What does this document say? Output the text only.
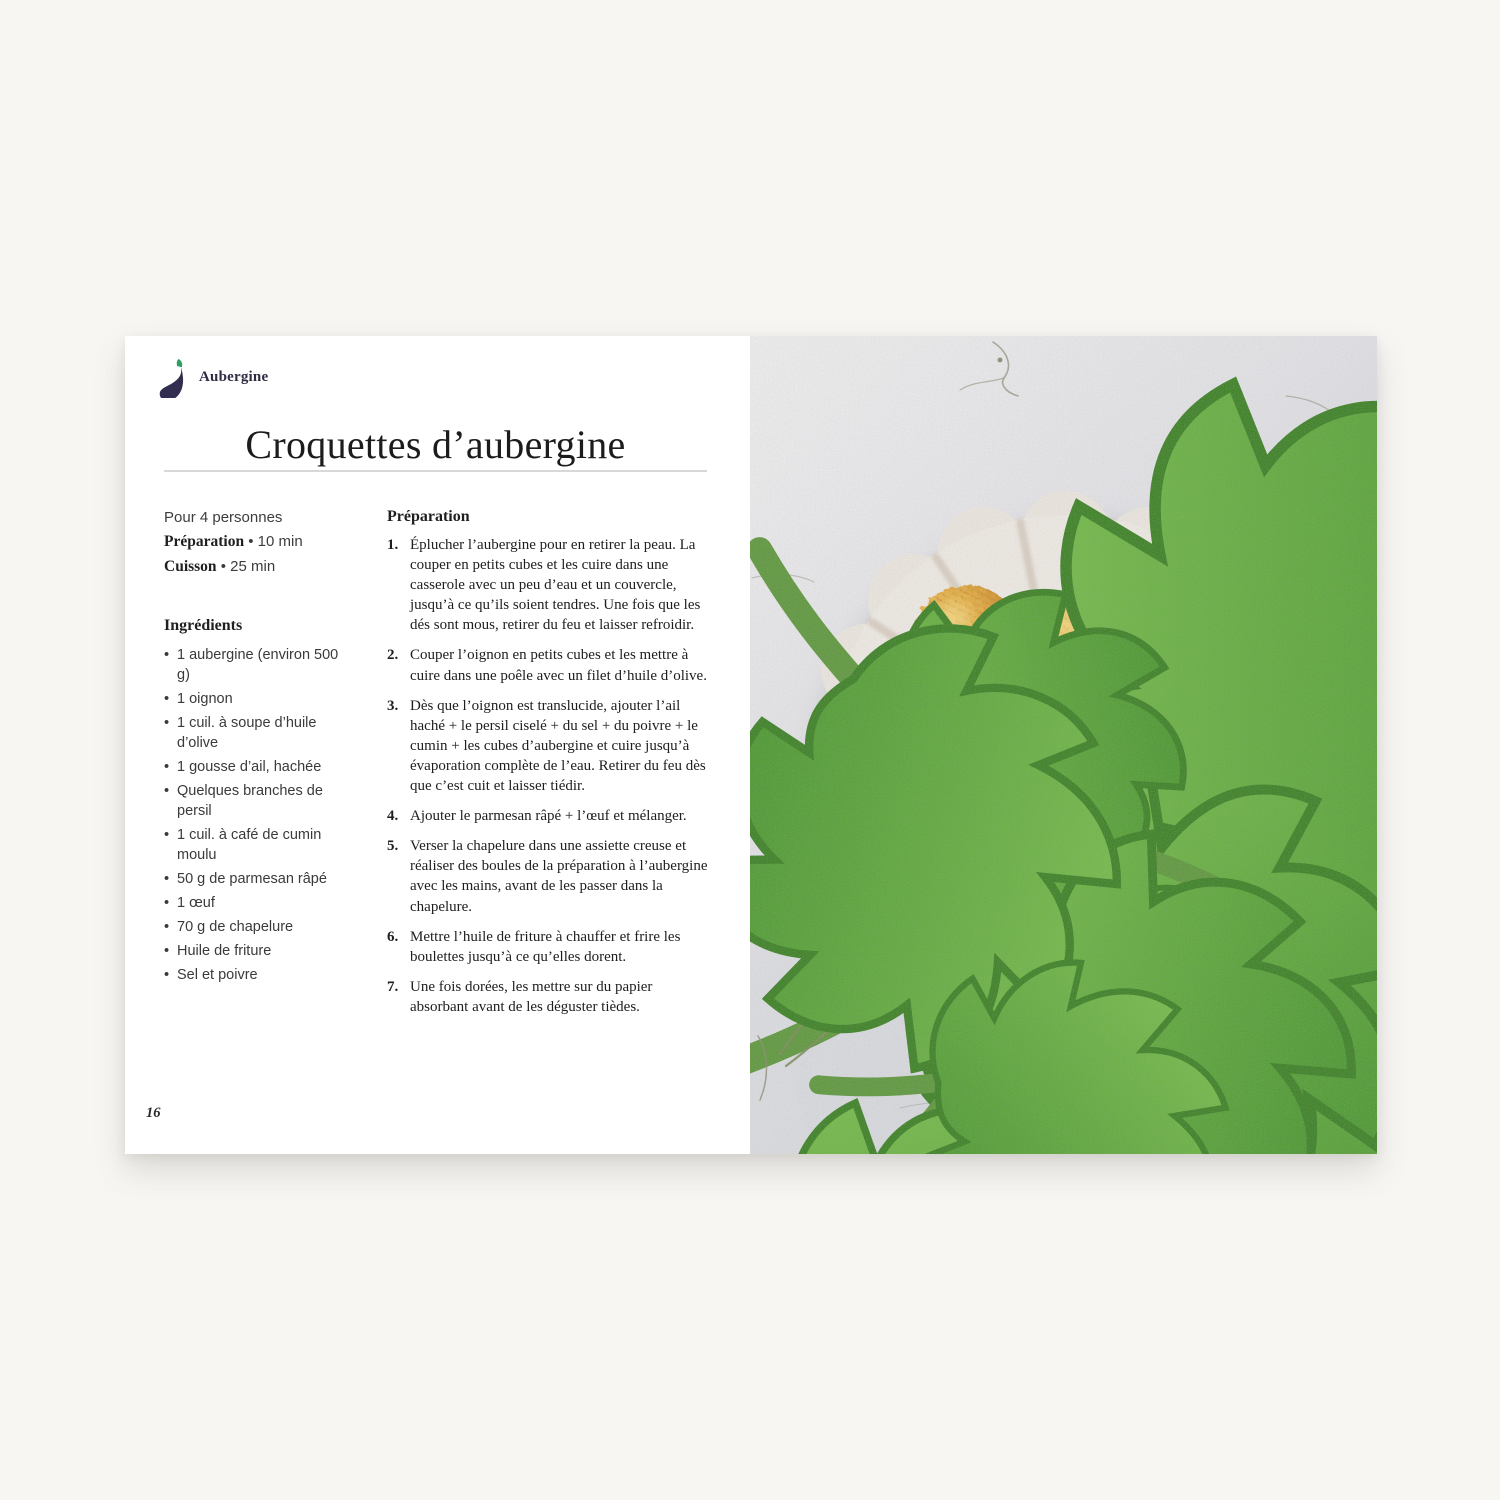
Aubergine
Croquettes d’aubergine

Pour 4 personnes

Préparation • 10 min

Cuisson • 25 min

Ingrédients
• 1 aubergine (environ 500 g)
• 1 oignon
• 1 cuil. à soupe d’huile d’olive
• 1 gousse d’ail, hachée
• Quelques branches de persil
• 1 cuil. à café de cumin moulu
• 50 g de parmesan râpé
• 1 œuf
• 70 g de chapelure
• Huile de friture
• Sel et poivre
Préparation
1. Éplucher l’aubergine pour en retirer la peau. La couper en petits cubes et les cuire dans une casserole avec un peu d’eau et un couvercle, jusqu’à ce qu’ils soient tendres. Une fois que les dés sont mous, retirer du feu et laisser refroidir.
2. Couper l’oignon en petits cubes et les mettre à cuire dans une poêle avec un filet d’huile d’olive.
3. Dès que l’oignon est translucide, ajouter l’ail haché + le persil ciselé + du sel + du poivre + le cumin + les cubes d’aubergine et cuire jusqu’à évaporation complète de l’eau. Retirer du feu dès que c’est cuit et laisser tiédir.
4. Ajouter le parmesan râpé + l’œuf et mélanger.
5. Verser la chapelure dans une assiette creuse et réaliser des boules de la préparation à l’aubergine avec les mains, avant de les passer dans la chapelure.
6. Mettre l’huile de friture à chauffer et frire les boulettes jusqu’à ce qu’elles dorent.
7. Une fois dorées, les mettre sur du papier absorbant avant de les déguster tièdes.
16
